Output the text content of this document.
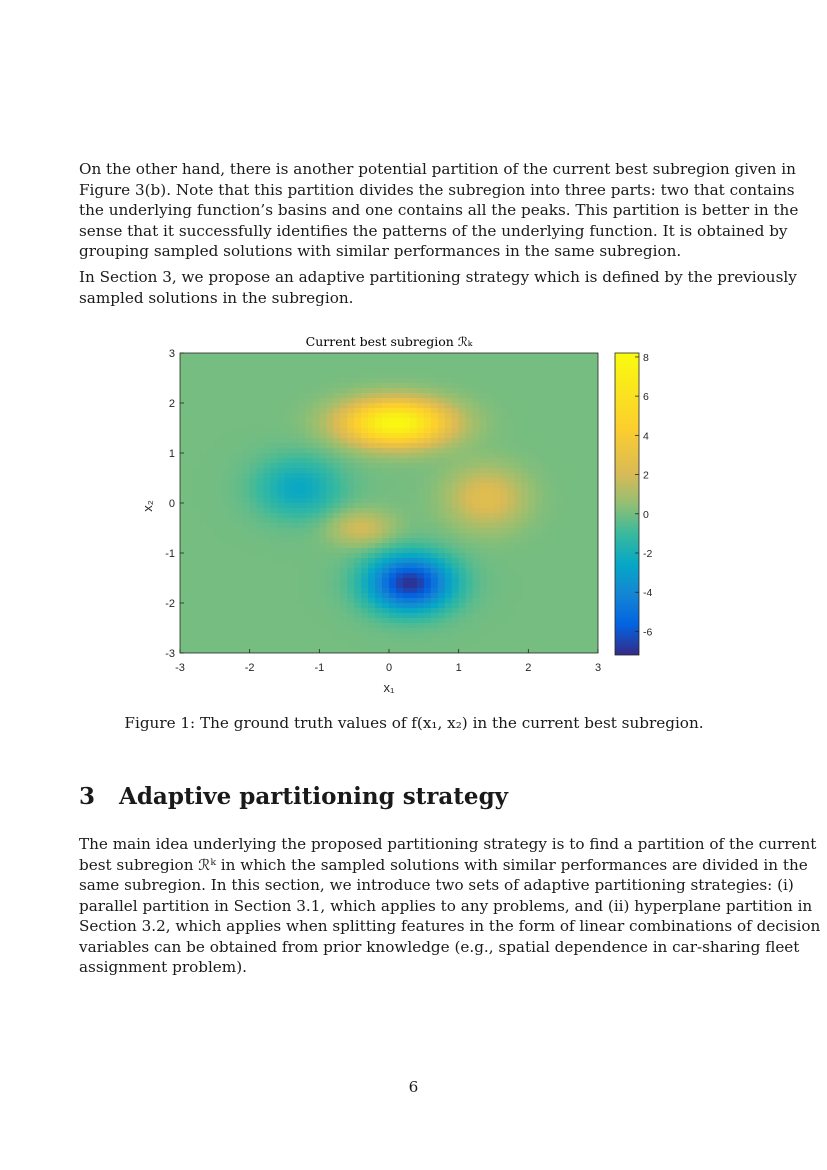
On the other hand, there is another potential partition of the current best subregion given in
Figure 3(b). Note that this partition divides the subregion into three parts: two that contains
the underlying function’s basins and one contains all the peaks. This partition is better in the
sense that it successfully identifies the patterns of the underlying function. It is obtained by
grouping sampled solutions with similar performances in the same subregion.

In Section 3, we propose an adaptive partitioning strategy which is defined by the previously
sampled solutions in the subregion.

Current best subregion ℛₖ
-3	-2	-1	0	1	2	3
3
2
1
0
-1
-2
-3
x₁
x₂
8
6
4
2
0
-2
-4
-6

Figure 1: The ground truth values of f(x₁, x₂) in the current best subregion.

3 Adaptive partitioning strategy

The main idea underlying the proposed partitioning strategy is to find a partition of the current
best subregion ℛᵏ in which the sampled solutions with similar performances are divided in the
same subregion. In this section, we introduce two sets of adaptive partitioning strategies: (i)
parallel partition in Section 3.1, which applies to any problems, and (ii) hyperplane partition in
Section 3.2, which applies when splitting features in the form of linear combinations of decision
variables can be obtained from prior knowledge (e.g., spatial dependence in car-sharing fleet
assignment problem).

6
